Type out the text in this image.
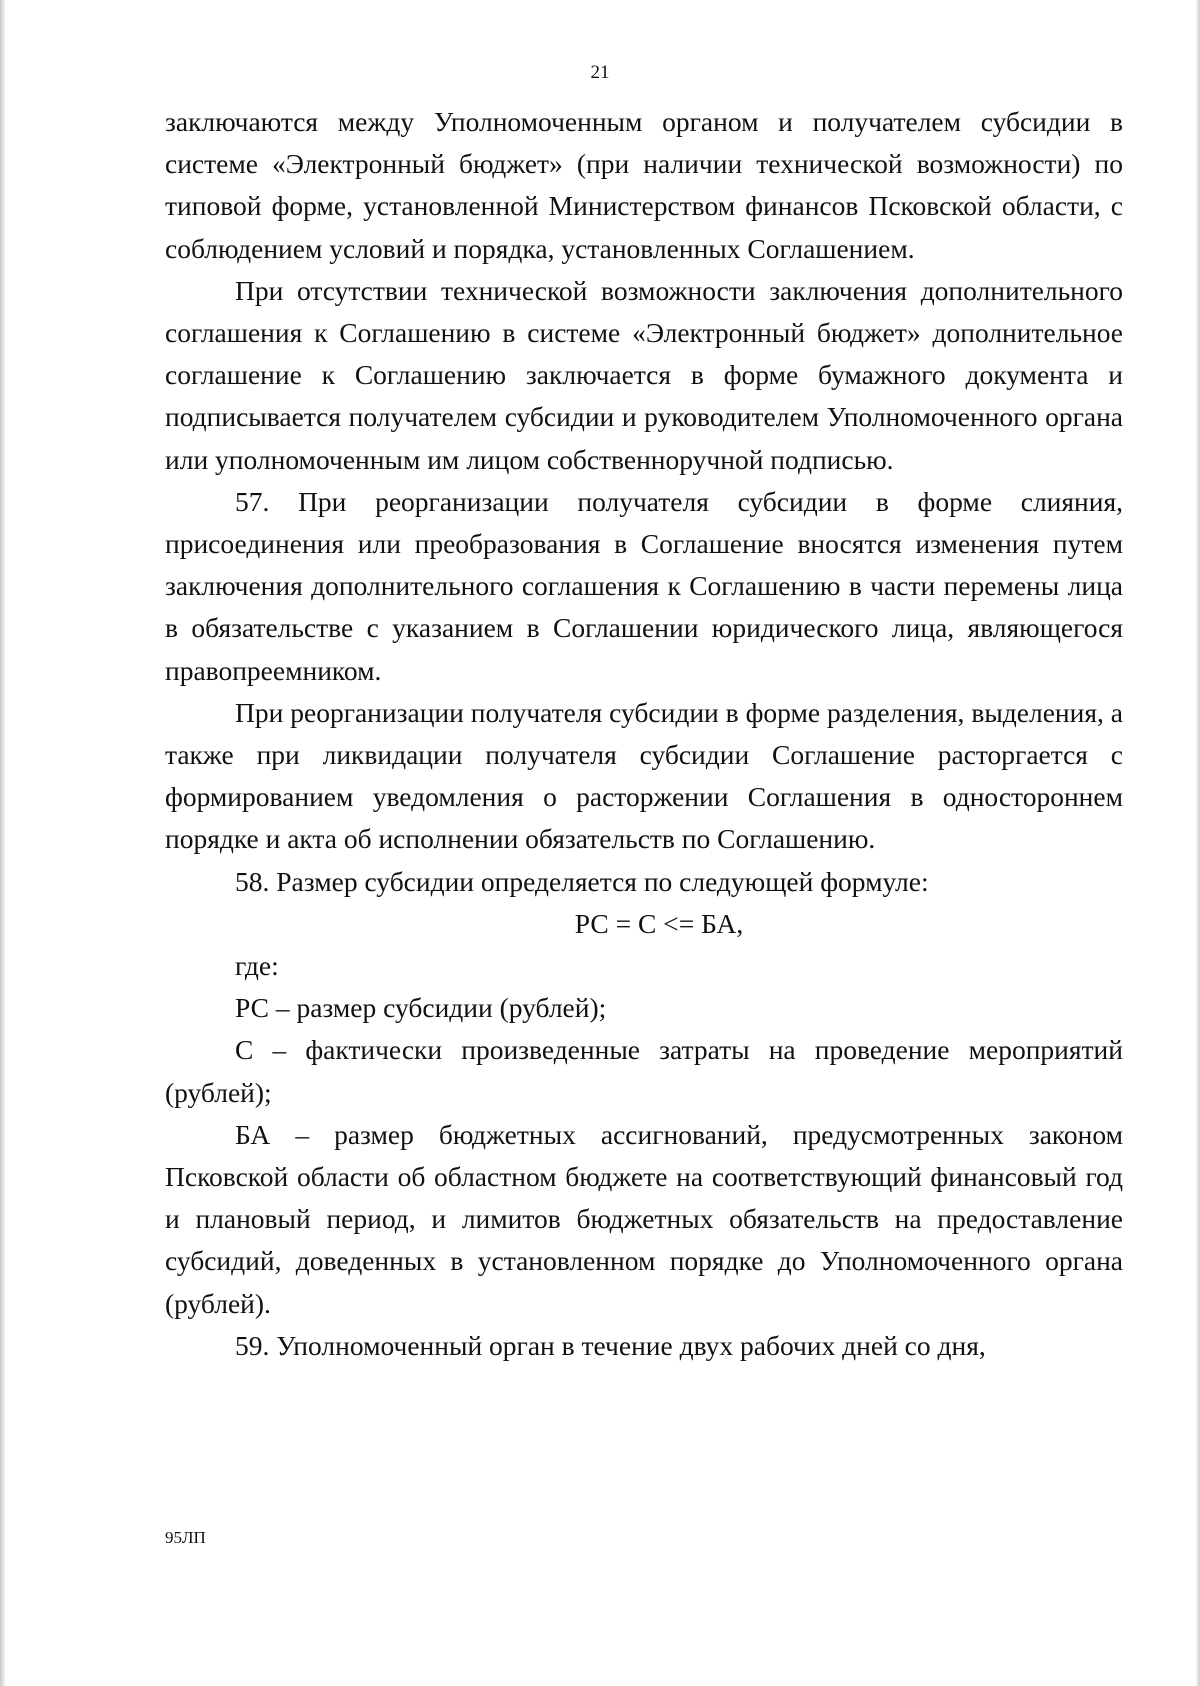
21

заключаются между Уполномоченным органом и получателем субсидии в системе «Электронный бюджет» (при наличии технической возможности) по типовой форме, установленной Министерством финансов Псковской области, с соблюдением условий и порядка, установленных Соглашением.

При отсутствии технической возможности заключения дополнительного соглашения к Соглашению в системе «Электронный бюджет» дополнительное соглашение к Соглашению заключается в форме бумажного документа и подписывается получателем субсидии и руководителем Уполномоченного органа или уполномоченным им лицом собственноручной подписью.

57. При реорганизации получателя субсидии в форме слияния, присоединения или преобразования в Соглашение вносятся изменения путем заключения дополнительного соглашения к Соглашению в части перемены лица в обязательстве с указанием в Соглашении юридического лица, являющегося правопреемником.

При реорганизации получателя субсидии в форме разделения, выделения, а также при ликвидации получателя субсидии Соглашение расторгается с формированием уведомления о расторжении Соглашения в одностороннем порядке и акта об исполнении обязательств по Соглашению.

58. Размер субсидии определяется по следующей формуле:

РС = С <= БА,

где:

РС – размер субсидии (рублей);

С – фактически произведенные затраты на проведение мероприятий (рублей);

БА – размер бюджетных ассигнований, предусмотренных законом Псковской области об областном бюджете на соответствующий финансовый год и плановый период, и лимитов бюджетных обязательств на предоставление субсидий, доведенных в установленном порядке до Уполномоченного органа (рублей).

59. Уполномоченный орган в течение двух рабочих дней со дня,

95ЛП
